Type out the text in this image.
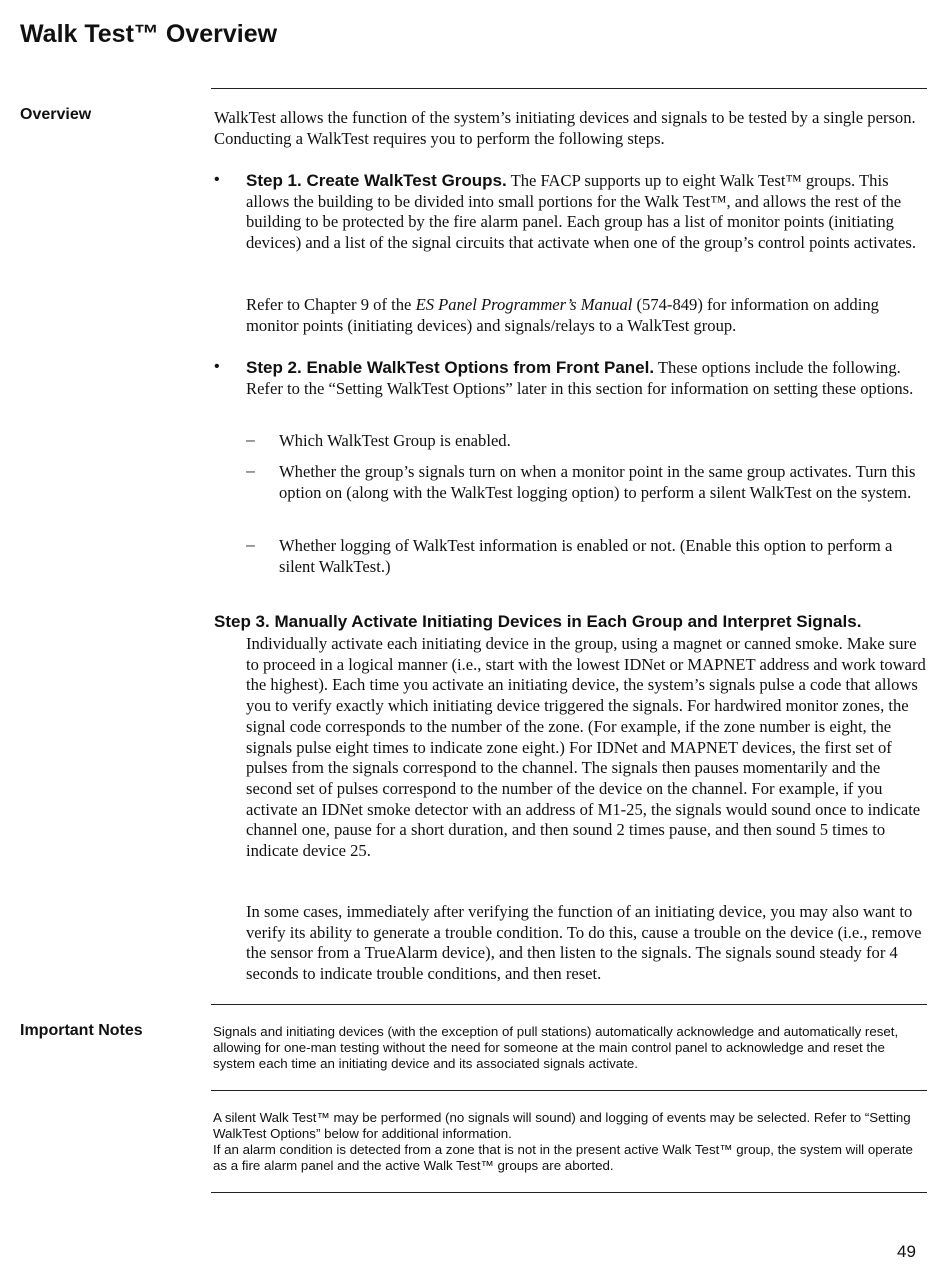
Walk Test™ Overview
Overview	WalkTest allows the function of the system’s initiating devices and signals to be tested by a single person. Conducting a WalkTest requires you to perform the following steps.

• Step 1. Create WalkTest Groups. The FACP supports up to eight Walk Test™ groups. This allows the building to be divided into small portions for the Walk Test™, and allows the rest of the building to be protected by the fire alarm panel. Each group has a list of monitor points (initiating devices) and a list of the signal circuits that activate when one of the group’s control points activates.
Refer to Chapter 9 of the ES Panel Programmer’s Manual (574-849) for information on adding monitor points (initiating devices) and signals/relays to a WalkTest group.
• Step 2. Enable WalkTest Options from Front Panel. These options include the following. Refer to the “Setting WalkTest Options” later in this section for information on setting these options.
– Which WalkTest Group is enabled.
– Whether the group’s signals turn on when a monitor point in the same group activates. Turn this option on (along with the WalkTest logging option) to perform a silent WalkTest on the system.
– Whether logging of WalkTest information is enabled or not. (Enable this option to perform a silent WalkTest.)
Step 3. Manually Activate Initiating Devices in Each Group and Interpret Signals.

Individually activate each initiating device in the group, using a magnet or canned smoke. Make sure to proceed in a logical manner (i.e., start with the lowest IDNet or MAPNET address and work toward the highest). Each time you activate an initiating device, the system’s signals pulse a code that allows you to verify exactly which initiating device triggered the signals. For hardwired monitor zones, the signal code corresponds to the number of the zone. (For example, if the zone number is eight, the signals pulse eight times to indicate zone eight.) For IDNet and MAPNET devices, the first set of pulses from the signals correspond to the channel. The signals then pauses momentarily and the second set of pulses correspond to the number of the device on the channel. For example, if you activate an IDNet smoke detector with an address of M1-25, the signals would sound once to indicate channel one, pause for a short duration, and then sound 2 times pause, and then sound 5 times to indicate device 25.

In some cases, immediately after verifying the function of an initiating device, you may also want to verify its ability to generate a trouble condition. To do this, cause a trouble on the device (i.e., remove the sensor from a TrueAlarm device), and then listen to the signals. The signals sound steady for 4 seconds to indicate trouble conditions, and then reset.

Important Notes	Signals and initiating devices (with the exception of pull stations) automatically acknowledge and automatically reset, allowing for one-man testing without the need for someone at the main control panel to acknowledge and reset the system each time an initiating device and its associated signals activate.

A silent Walk Test™ may be performed (no signals will sound) and logging of events may be selected. Refer to “Setting WalkTest Options” below for additional information.

If an alarm condition is detected from a zone that is not in the present active Walk Test™ group, the system will operate as a fire alarm panel and the active Walk Test™ groups are aborted.

49
